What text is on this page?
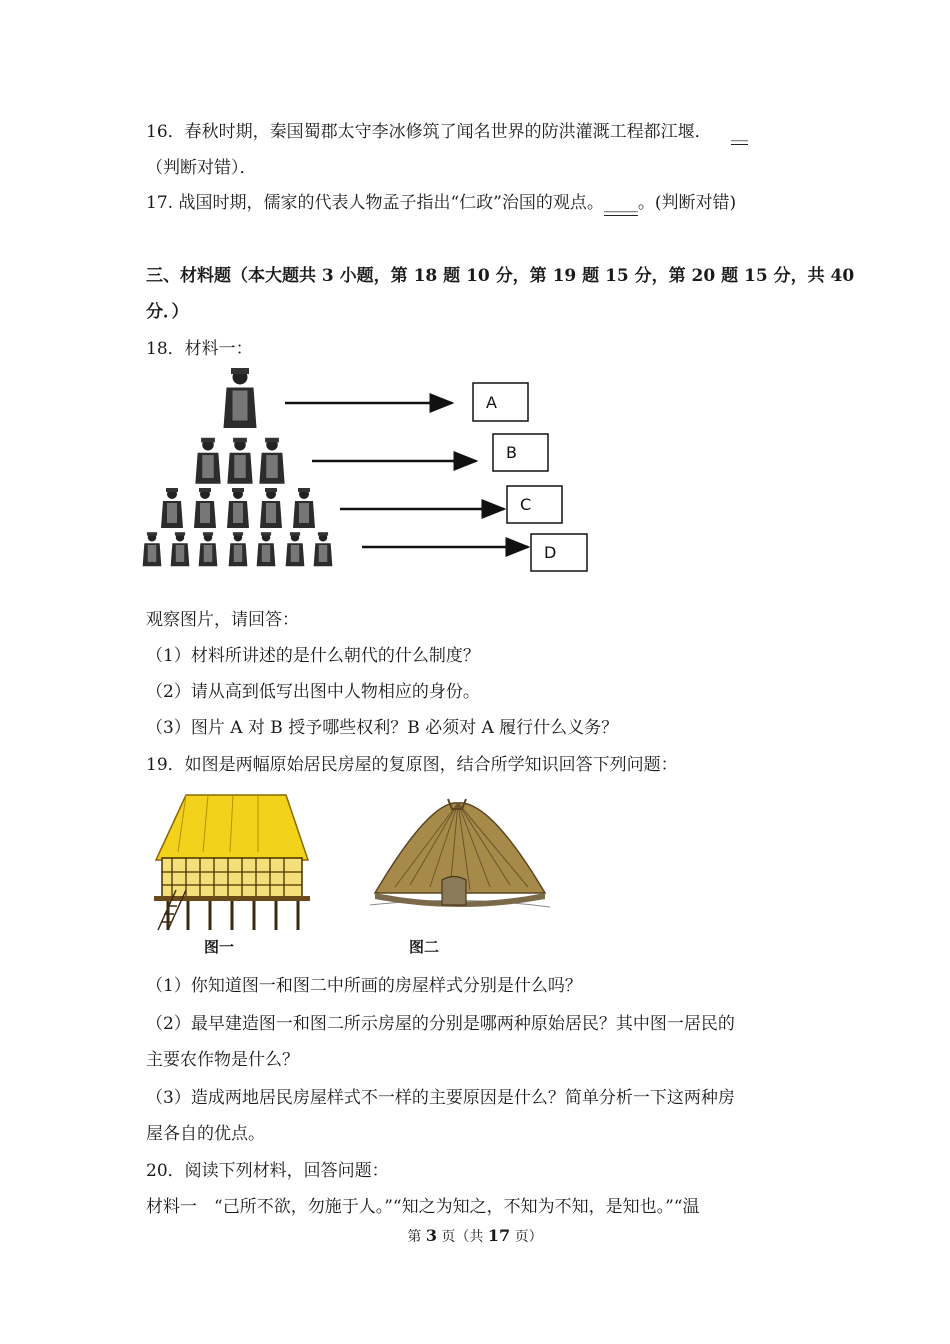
16．春秋时期，秦国蜀郡太守李冰修筑了闻名世界的防洪灌溉工程都江堰． __
（判断对错）．
17. 战国时期，儒家的代表人物孟子指出“仁政”治国的观点。____。(判断对错)
三、材料题（本大题共 3 小题，第 18 题 10 分，第 19 题 15 分，第 20 题 15 分，共 40
分．）
18．材料一：
A
B
C
D
观察图片，请回答：
（1）材料所讲述的是什么朝代的什么制度？
（2）请从高到低写出图中人物相应的身份。
（3）图片 A 对 B 授予哪些权利？B 必须对 A 履行什么义务？
19．如图是两幅原始居民房屋的复原图，结合所学知识回答下列问题：
图一	图二
（1）你知道图一和图二中所画的房屋样式分别是什么吗？
（2）最早建造图一和图二所示房屋的分别是哪两种原始居民？其中图一居民的
主要农作物是什么？
（3）造成两地居民房屋样式不一样的主要原因是什么？简单分析一下这两种房
屋各自的优点。
20．阅读下列材料，回答问题：
材料一　“己所不欲，勿施于人。”“知之为知之，不知为不知，是知也。”“温
第 3 页（共 17 页）
